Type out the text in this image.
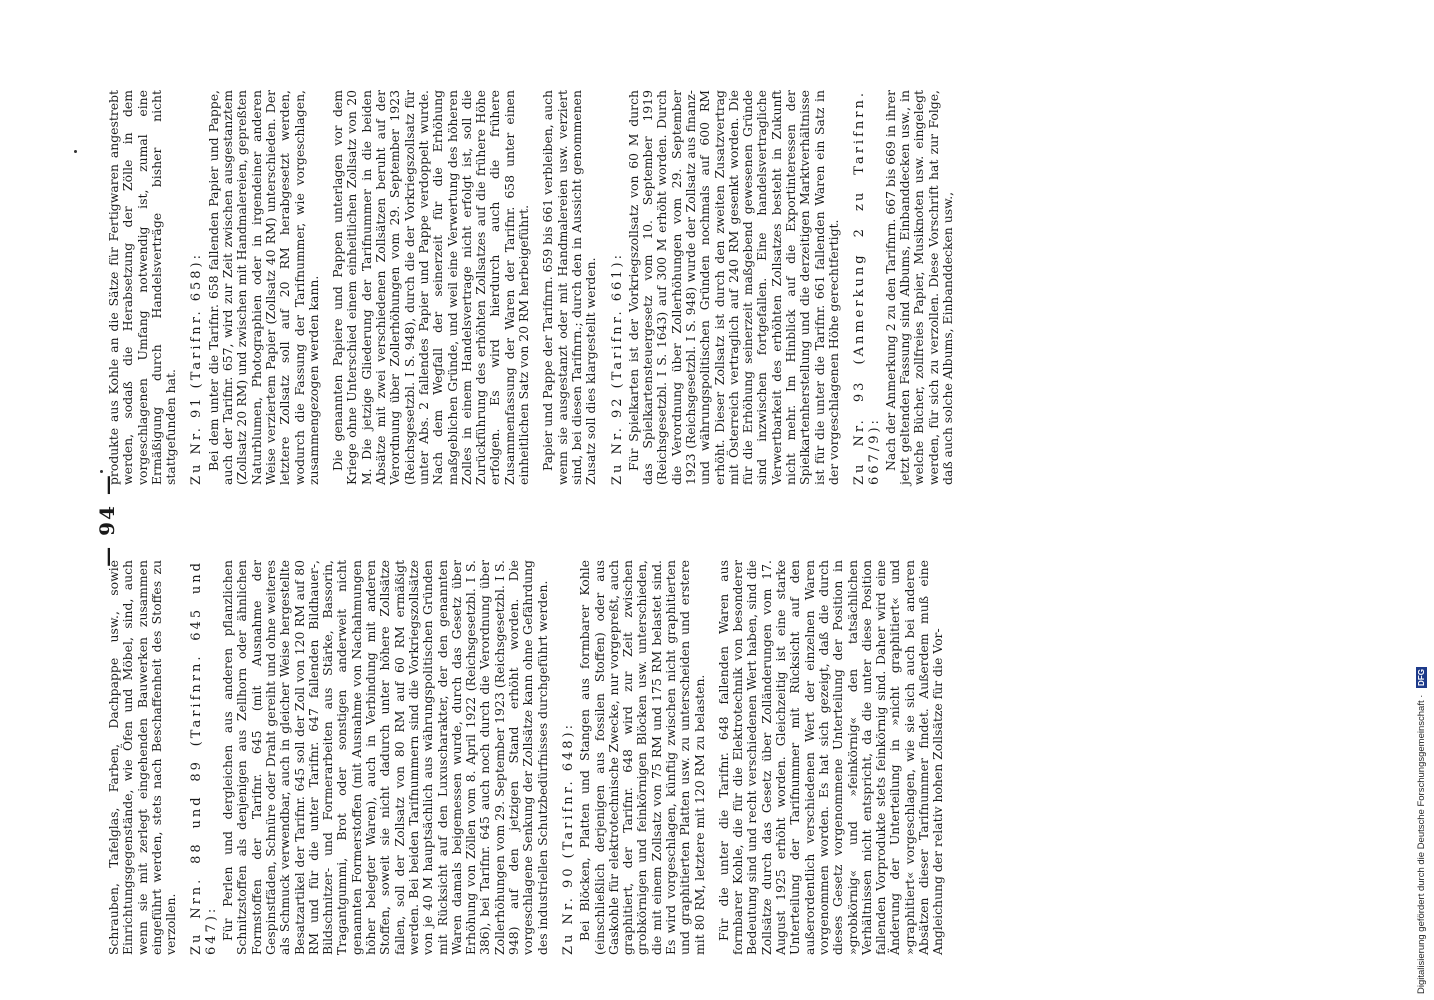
— 94 —

Schrauben, Tafelglas, Farben, Dachpappe usw., sowie Einrichtungsgegenstände, wie Öfen und Möbel, sind, auch wenn sie mit zerlegt eingehenden Bauwerken zusammen eingeführt werden, stets nach Beschaffenheit des Stoffes zu verzollen. Zu Nrn. 88 und 89 (Tarifnrn. 645 und 647): Für Perlen und dergleichen aus anderen pflanzlichen Schnitzstoffen als denjenigen aus Zellhorn oder ähnlichen Formstoffen der Tarifnr. 645 (mit Ausnahme der Gespinstfäden, Schnüre oder Draht gereiht und ohne weiteres als Schmuck verwendbar, auch in gleicher Weise hergestellte Besatzartikel der Tarifnr. 645 soll der Zoll von 120 RM auf 80 RM und für die unter Tarifnr. 647 fallenden Bildhauer-, Bildschnitzer- und Formerarbeiten aus Stärke, Bassorin, Tragantgummi, Brot oder sonstigen anderweit nicht genannten Formerstoffen (mit Ausnahme von Nachahmungen höher belegter Waren), auch in Verbindung mit anderen Stoffen, soweit sie nicht dadurch unter höhere Zollsätze fallen, soll der Zollsatz von 80 RM auf 60 RM ermäßigt werden. Bei beiden Tarifnummern sind die Vorkriegszollsätze von je 40 M hauptsächlich aus währungspolitischen Gründen mit Rücksicht auf den Luxuscharakter, der den genannten Waren damals beigemessen wurde, durch das Gesetz über Erhöhung von Zöllen vom 8. April 1922 (Reichsgesetzbl. I S. 386), bei Tarifnr. 645 auch noch durch die Verordnung über Zollerhöhungen vom 29. September 1923 (Reichsgesetzbl. I S. 948) auf den jetzigen Stand erhöht worden. Die vorgeschlagene Senkung der Zollsätze kann ohne Gefährdung des industriellen Schutzbedürfnisses durchgeführt werden. Zu Nr. 90 (Tarifnr. 648): Bei Blöcken, Platten und Stangen aus formbarer Kohle (einschließlich derjenigen aus fossilen Stoffen) oder aus Gaskohle für elektrotechnische Zwecke, nur vorgepreßt, auch graphitiert, der Tarifnr. 648 wird zur Zeit zwischen grobkörnigen und feinkörnigen Blöcken usw. unterschieden, die mit einem Zollsatz von 75 RM und 175 RM belastet sind. Es wird vorgeschlagen, künftig zwischen nicht graphitierten und graphitierten Platten usw. zu unterscheiden und erstere mit 80 RM, letztere mit 120 RM zu belasten. Für die unter die Tarifnr. 648 fallenden Waren aus formbarer Kohle, die für die Elektrotechnik von besonderer Bedeutung sind und recht verschiedenen Wert haben, sind die Zollsätze durch das Gesetz über Zolländerungen vom 17. August 1925 erhöht worden. Gleichzeitig ist eine starke Unterteilung der Tarifnummer mit Rücksicht auf den außerordentlich verschiedenen Wert der einzelnen Waren vorgenommen worden. Es hat sich gezeigt, daß die durch dieses Gesetz vorgenommene Unterteilung der Position in »grobkörnig« und »feinkörnig« den tatsächlichen Verhältnissen nicht entspricht, da die unter diese Position fallenden Vorprodukte stets feinkörnig sind. Daher wird eine Änderung der Unterteilung in »nicht graphitiert« und »graphitiert« vorgeschlagen, wie sie sich auch bei anderen Absätzen dieser Tarifnummer findet. Außerdem muß eine Angleichung der relativ hohen Zollsätze für die Vor-

produkte aus Kohle an die Sätze für Fertigwaren angestrebt werden, sodaß die Herabsetzung der Zölle in dem vorgeschlagenen Umfang notwendig ist, zumal eine Ermäßigung durch Handelsverträge bisher nicht stattgefunden hat. Zu Nr. 91 (Tarifnr. 658): Bei dem unter die Tarifnr. 658 fallenden Papier und Pappe, auch der Tarifnr. 657, wird zur Zeit zwischen ausgestanztem (Zollsatz 20 RM) und zwischen mit Handmalereien, gepreßten Naturblumen, Photographien oder in irgendeiner anderen Weise verziertem Papier (Zollsatz 40 RM) unterschieden. Der letztere Zollsatz soll auf 20 RM herabgesetzt werden, wodurch die Fassung der Tarifnummer, wie vorgeschlagen, zusammengezogen werden kann. Die genannten Papiere und Pappen unterlagen vor dem Kriege ohne Unterschied einem einheitlichen Zollsatz von 20 M. Die jetzige Gliederung der Tarifnummer in die beiden Absätze mit zwei verschiedenen Zollsätzen beruht auf der Verordnung über Zollerhöhungen vom 29. September 1923 (Reichsgesetzbl. I S. 948), durch die der Vorkriegszollsatz für unter Abs. 2 fallendes Papier und Pappe verdoppelt wurde. Nach dem Wegfall der seinerzeit für die Erhöhung maßgeblichen Gründe, und weil eine Verwertung des höheren Zolles in einem Handelsvertrage nicht erfolgt ist, soll die Zurückführung des erhöhten Zollsatzes auf die frühere Höhe erfolgen. Es wird hierdurch auch die frühere Zusammenfassung der Waren der Tarifnr. 658 unter einen einheitlichen Satz von 20 RM herbeigeführt. Papier und Pappe der Tarifnrn. 659 bis 661 verbleiben, auch wenn sie ausgestanzt oder mit Handmalereien usw. verziert sind, bei diesen Tarifnrn.; durch den in Aussicht genommenen Zusatz soll dies klargestellt werden. Zu Nr. 92 (Tarifnr. 661): Für Spielkarten ist der Vorkriegszollsatz von 60 M durch das Spielkartensteuergesetz vom 10. September 1919 (Reichsgesetzbl. I S. 1643) auf 300 M erhöht worden. Durch die Verordnung über Zollerhöhungen vom 29. September 1923 (Reichsgesetzbl. I S. 948) wurde der Zollsatz aus finanz- und währungspolitischen Gründen nochmals auf 600 RM erhöht. Dieser Zollsatz ist durch den zweiten Zusatzvertrag mit Österreich vertraglich auf 240 RM gesenkt worden. Die für die Erhöhung seinerzeit maßgebend gewesenen Gründe sind inzwischen fortgefallen. Eine handelsvertragliche Verwertbarkeit des erhöhten Zollsatzes besteht in Zukunft nicht mehr. Im Hinblick auf die Exportinteressen der Spielkartenherstellung und die derzeitigen Marktverhältnisse ist für die unter die Tarifnr. 661 fallenden Waren ein Satz in der vorgeschlagenen Höhe gerechtfertigt. Zu Nr. 93 (Anmerkung 2 zu Tarifnrn. 667/9): Nach der Anmerkung 2 zu den Tarifnrn. 667 bis 669 in ihrer jetzt geltenden Fassung sind Albums, Einbanddecken usw., in welche Bücher, zollfreies Papier, Musiknoten usw. eingelegt werden, für sich zu verzollen. Diese Vorschrift hat zur Folge, daß auch solche Albums, Einbanddecken usw.,

Digitalisierung gefördert durch die Deutsche Forschungsgemeinschaft · DFG
